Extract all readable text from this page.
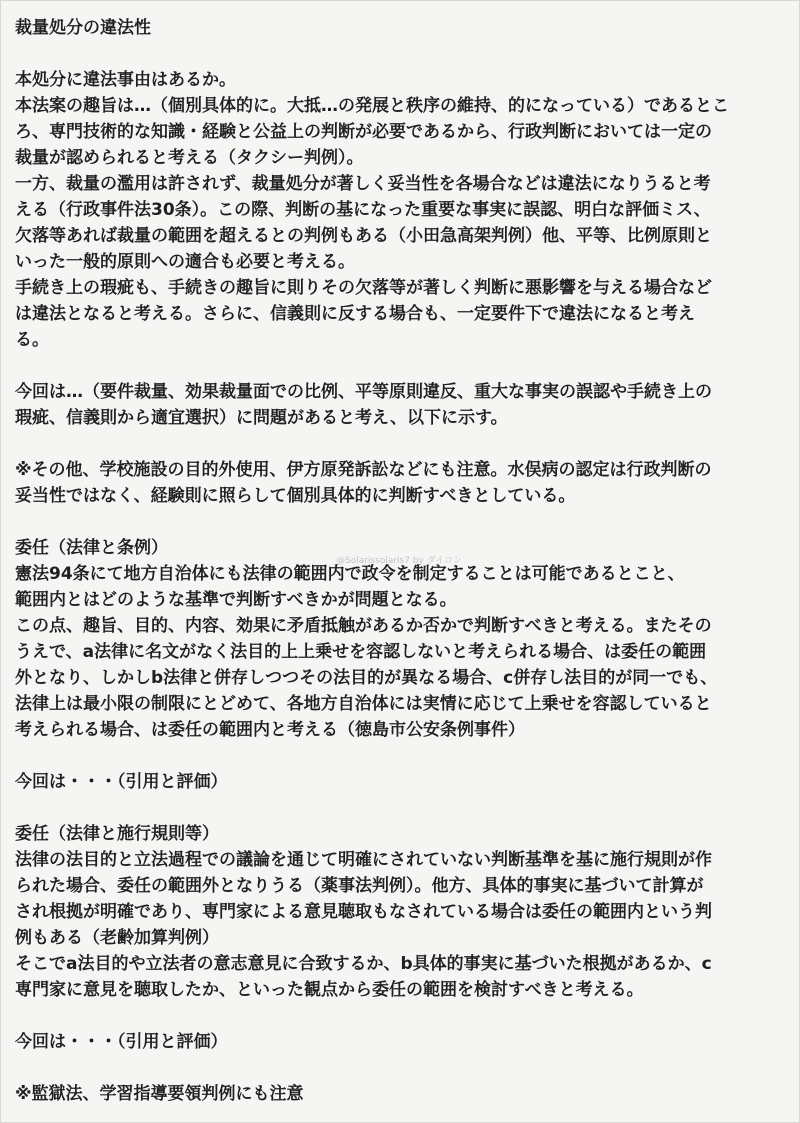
裁量処分の違法性
本処分に違法事由はあるか。
本法案の趣旨は…（個別具体的に。大抵…の発展と秩序の維持、的になっている）であるとこ
ろ、専門技術的な知識・経験と公益上の判断が必要であるから、行政判断においては一定の
裁量が認められると考える（タクシー判例）。
一方、裁量の濫用は許されず、裁量処分が著しく妥当性を各場合などは違法になりうると考
える（行政事件法30条）。この際、判断の基になった重要な事実に誤認、明白な評価ミス、
欠落等あれば裁量の範囲を超えるとの判例もある（小田急高架判例）他、平等、比例原則と
いった一般的原則への適合も必要と考える。
手続き上の瑕疵も、手続きの趣旨に則りその欠落等が著しく判断に悪影響を与える場合など
は違法となると考える。さらに、信義則に反する場合も、一定要件下で違法になると考え
る。
今回は…（要件裁量、効果裁量面での比例、平等原則違反、重大な事実の誤認や手続き上の
瑕疵、信義則から適宜選択）に問題があると考え、以下に示す。
※その他、学校施設の目的外使用、伊方原発訴訟などにも注意。水俣病の認定は行政判断の
妥当性ではなく、経験則に照らして個別具体的に判断すべきとしている。
委任（法律と条例）
憲法94条にて地方自治体にも法律の範囲内で政令を制定することは可能であるとこと、
範囲内とはどのような基準で判断すべきかが問題となる。
この点、趣旨、目的、内容、効果に矛盾抵触があるか否かで判断すべきと考える。またその
うえで、a法律に名文がなく法目的上上乗せを容認しないと考えられる場合、は委任の範囲
外となり、しかしb法律と併存しつつその法目的が異なる場合、c併存し法目的が同一でも、
法律上は最小限の制限にとどめて、各地方自治体には実情に応じて上乗せを容認していると
考えられる場合、は委任の範囲内と考える（徳島市公安条例事件）
今回は・・・（引用と評価）
委任（法律と施行規則等）
法律の法目的と立法過程での議論を通じて明確にされていない判断基準を基に施行規則が作
られた場合、委任の範囲外となりうる（薬事法判例）。他方、具体的事実に基づいて計算が
され根拠が明確であり、専門家による意見聴取もなされている場合は委任の範囲内という判
例もある（老齢加算判例）
そこでa法目的や立法者の意志意見に合致するか、b具体的事実に基づいた根拠があるか、c
専門家に意見を聴取したか、といった観点から委任の範囲を検討すべきと考える。
今回は・・・（引用と評価）
※監獄法、学習指導要領判例にも注意
@Solarissolaris7 by ダイコン
